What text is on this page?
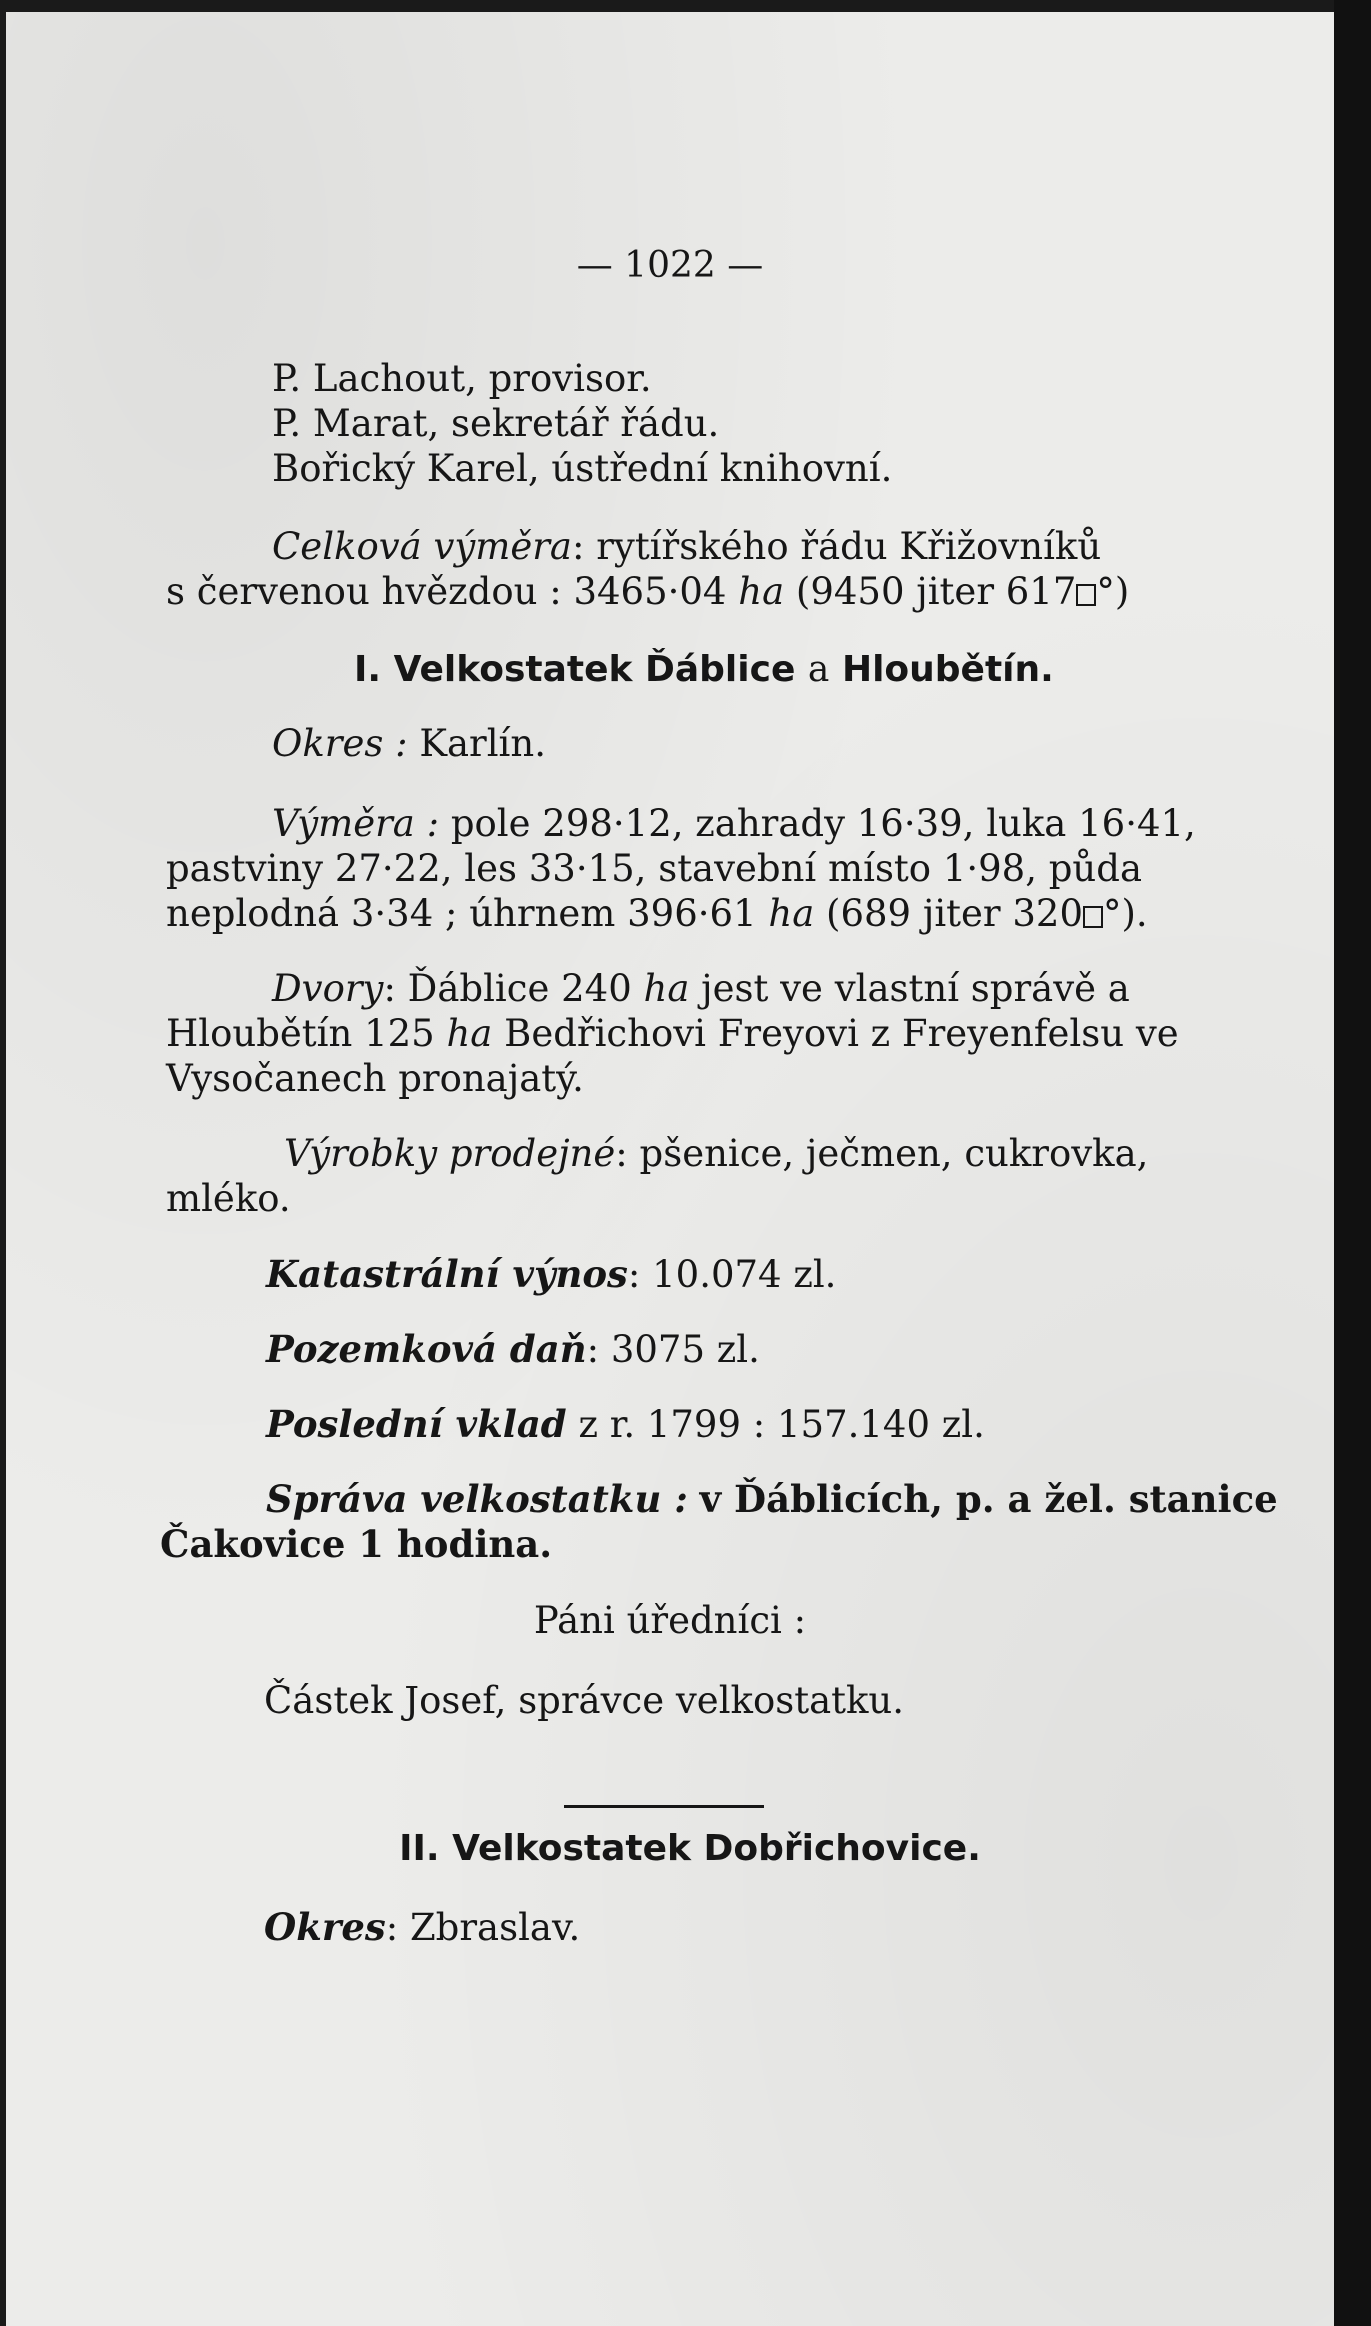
— 1022 —
P. Lachout, provisor.
P. Marat, sekretář řádu.
Bořický Karel, ústřední knihovní.
Celková výměra: rytířského řádu Křižovníků
s červenou hvězdou : 3465·04 ha (9450 jiter 617 °)
I. Velkostatek Ďáblice a Hloubětín.
Okres : Karlín.
Výměra : pole 298·12, zahrady 16·39, luka 16·41,
pastviny 27·22, les 33·15, stavební místo 1·98, půda
neplodná 3·34 ; úhrnem 396·61 ha (689 jiter 320 °).
Dvory: Ďáblice 240 ha jest ve vlastní správě a
Hloubětín 125 ha Bedřichovi Freyovi z Freyenfelsu ve
Vysočanech pronajatý.
Výrobky prodejné: pšenice, ječmen, cukrovka,
mléko.
Katastrální výnos: 10.074 zl.
Pozemková daň: 3075 zl.
Poslední vklad z r. 1799 : 157.140 zl.
Správa velkostatku : v Ďáblicích, p. a žel. stanice
Čakovice 1 hodina.
Páni úředníci :
Částek Josef, správce velkostatku.
II. Velkostatek Dobřichovice.
Okres: Zbraslav.
